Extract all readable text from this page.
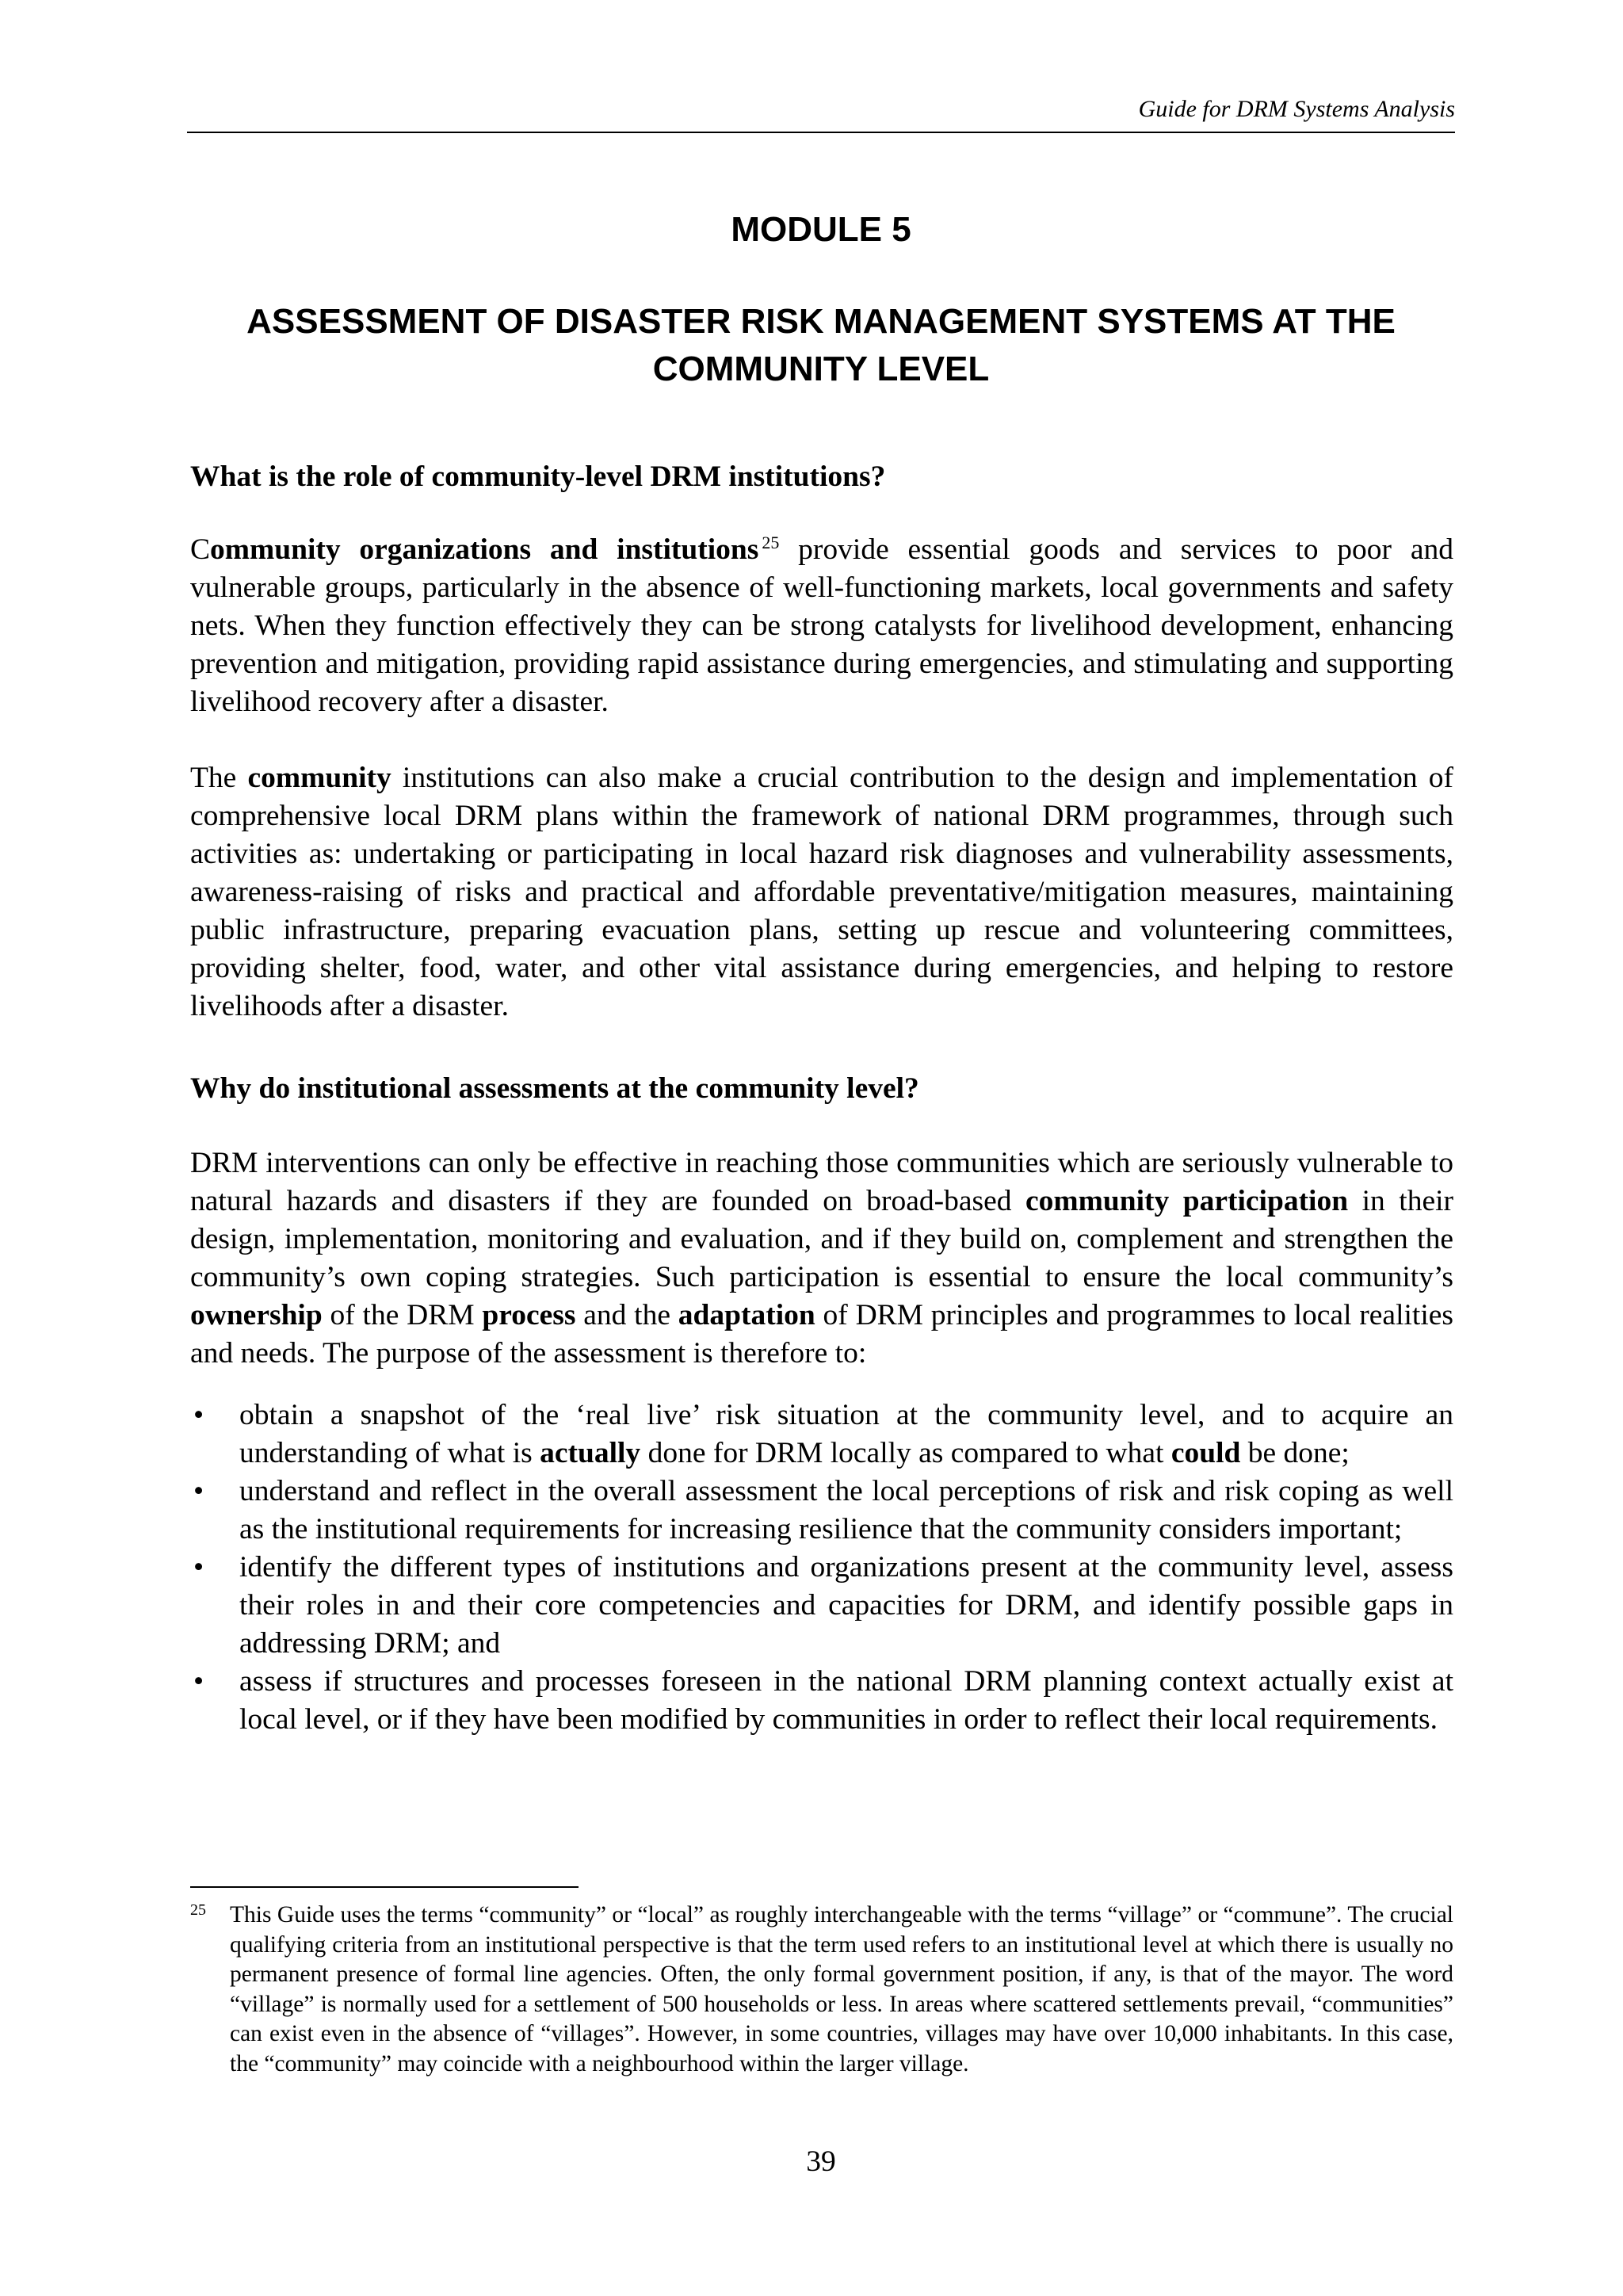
Guide for DRM Systems Analysis
MODULE 5
ASSESSMENT OF DISASTER RISK MANAGEMENT SYSTEMS AT THE COMMUNITY LEVEL
What is the role of community-level DRM institutions?

Community organizations and institutions $^{25}$ provide essential goods and services to poor and vulnerable groups, particularly in the absence of well-functioning markets, local governments and safety nets. When they function effectively they can be strong catalysts for livelihood development, enhancing prevention and mitigation, providing rapid assistance during emergencies, and stimulating and supporting livelihood recovery after a disaster.

The community institutions can also make a crucial contribution to the design and implementation of comprehensive local DRM plans within the framework of national DRM programmes, through such activities as: undertaking or participating in local hazard risk diagnoses and vulnerability assessments, awareness-raising of risks and practical and affordable preventative/mitigation measures, maintaining public infrastructure, preparing evacuation plans, setting up rescue and volunteering committees, providing shelter, food, water, and other vital assistance during emergencies, and helping to restore livelihoods after a disaster.

Why do institutional assessments at the community level?

DRM interventions can only be effective in reaching those communities which are seriously vulnerable to natural hazards and disasters if they are founded on broad-based community participation in their design, implementation, monitoring and evaluation, and if they build on, complement and strengthen the community’s own coping strategies. Such participation is essential to ensure the local community’s ownership of the DRM process and the adaptation of DRM principles and programmes to local realities and needs. The purpose of the assessment is therefore to:

• obtain a snapshot of the ‘real live’ risk situation at the community level, and to acquire an understanding of what is actually done for DRM locally as compared to what could be done;
• understand and reflect in the overall assessment the local perceptions of risk and risk coping as well as the institutional requirements for increasing resilience that the community considers important;
• identify the different types of institutions and organizations present at the community level, assess their roles in and their core competencies and capacities for DRM, and identify possible gaps in addressing DRM; and
• assess if structures and processes foreseen in the national DRM planning context actually exist at local level, or if they have been modified by communities in order to reflect their local requirements.
25 This Guide uses the terms “community” or “local” as roughly interchangeable with the terms “village” or “commune”. The crucial qualifying criteria from an institutional perspective is that the term used refers to an institutional level at which there is usually no permanent presence of formal line agencies. Often, the only formal government position, if any, is that of the mayor. The word “village” is normally used for a settlement of 500 households or less. In areas where scattered settlements prevail, “communities” can exist even in the absence of “villages”. However, in some countries, villages may have over 10,000 inhabitants. In this case, the “community” may coincide with a neighbourhood within the larger village.
39
